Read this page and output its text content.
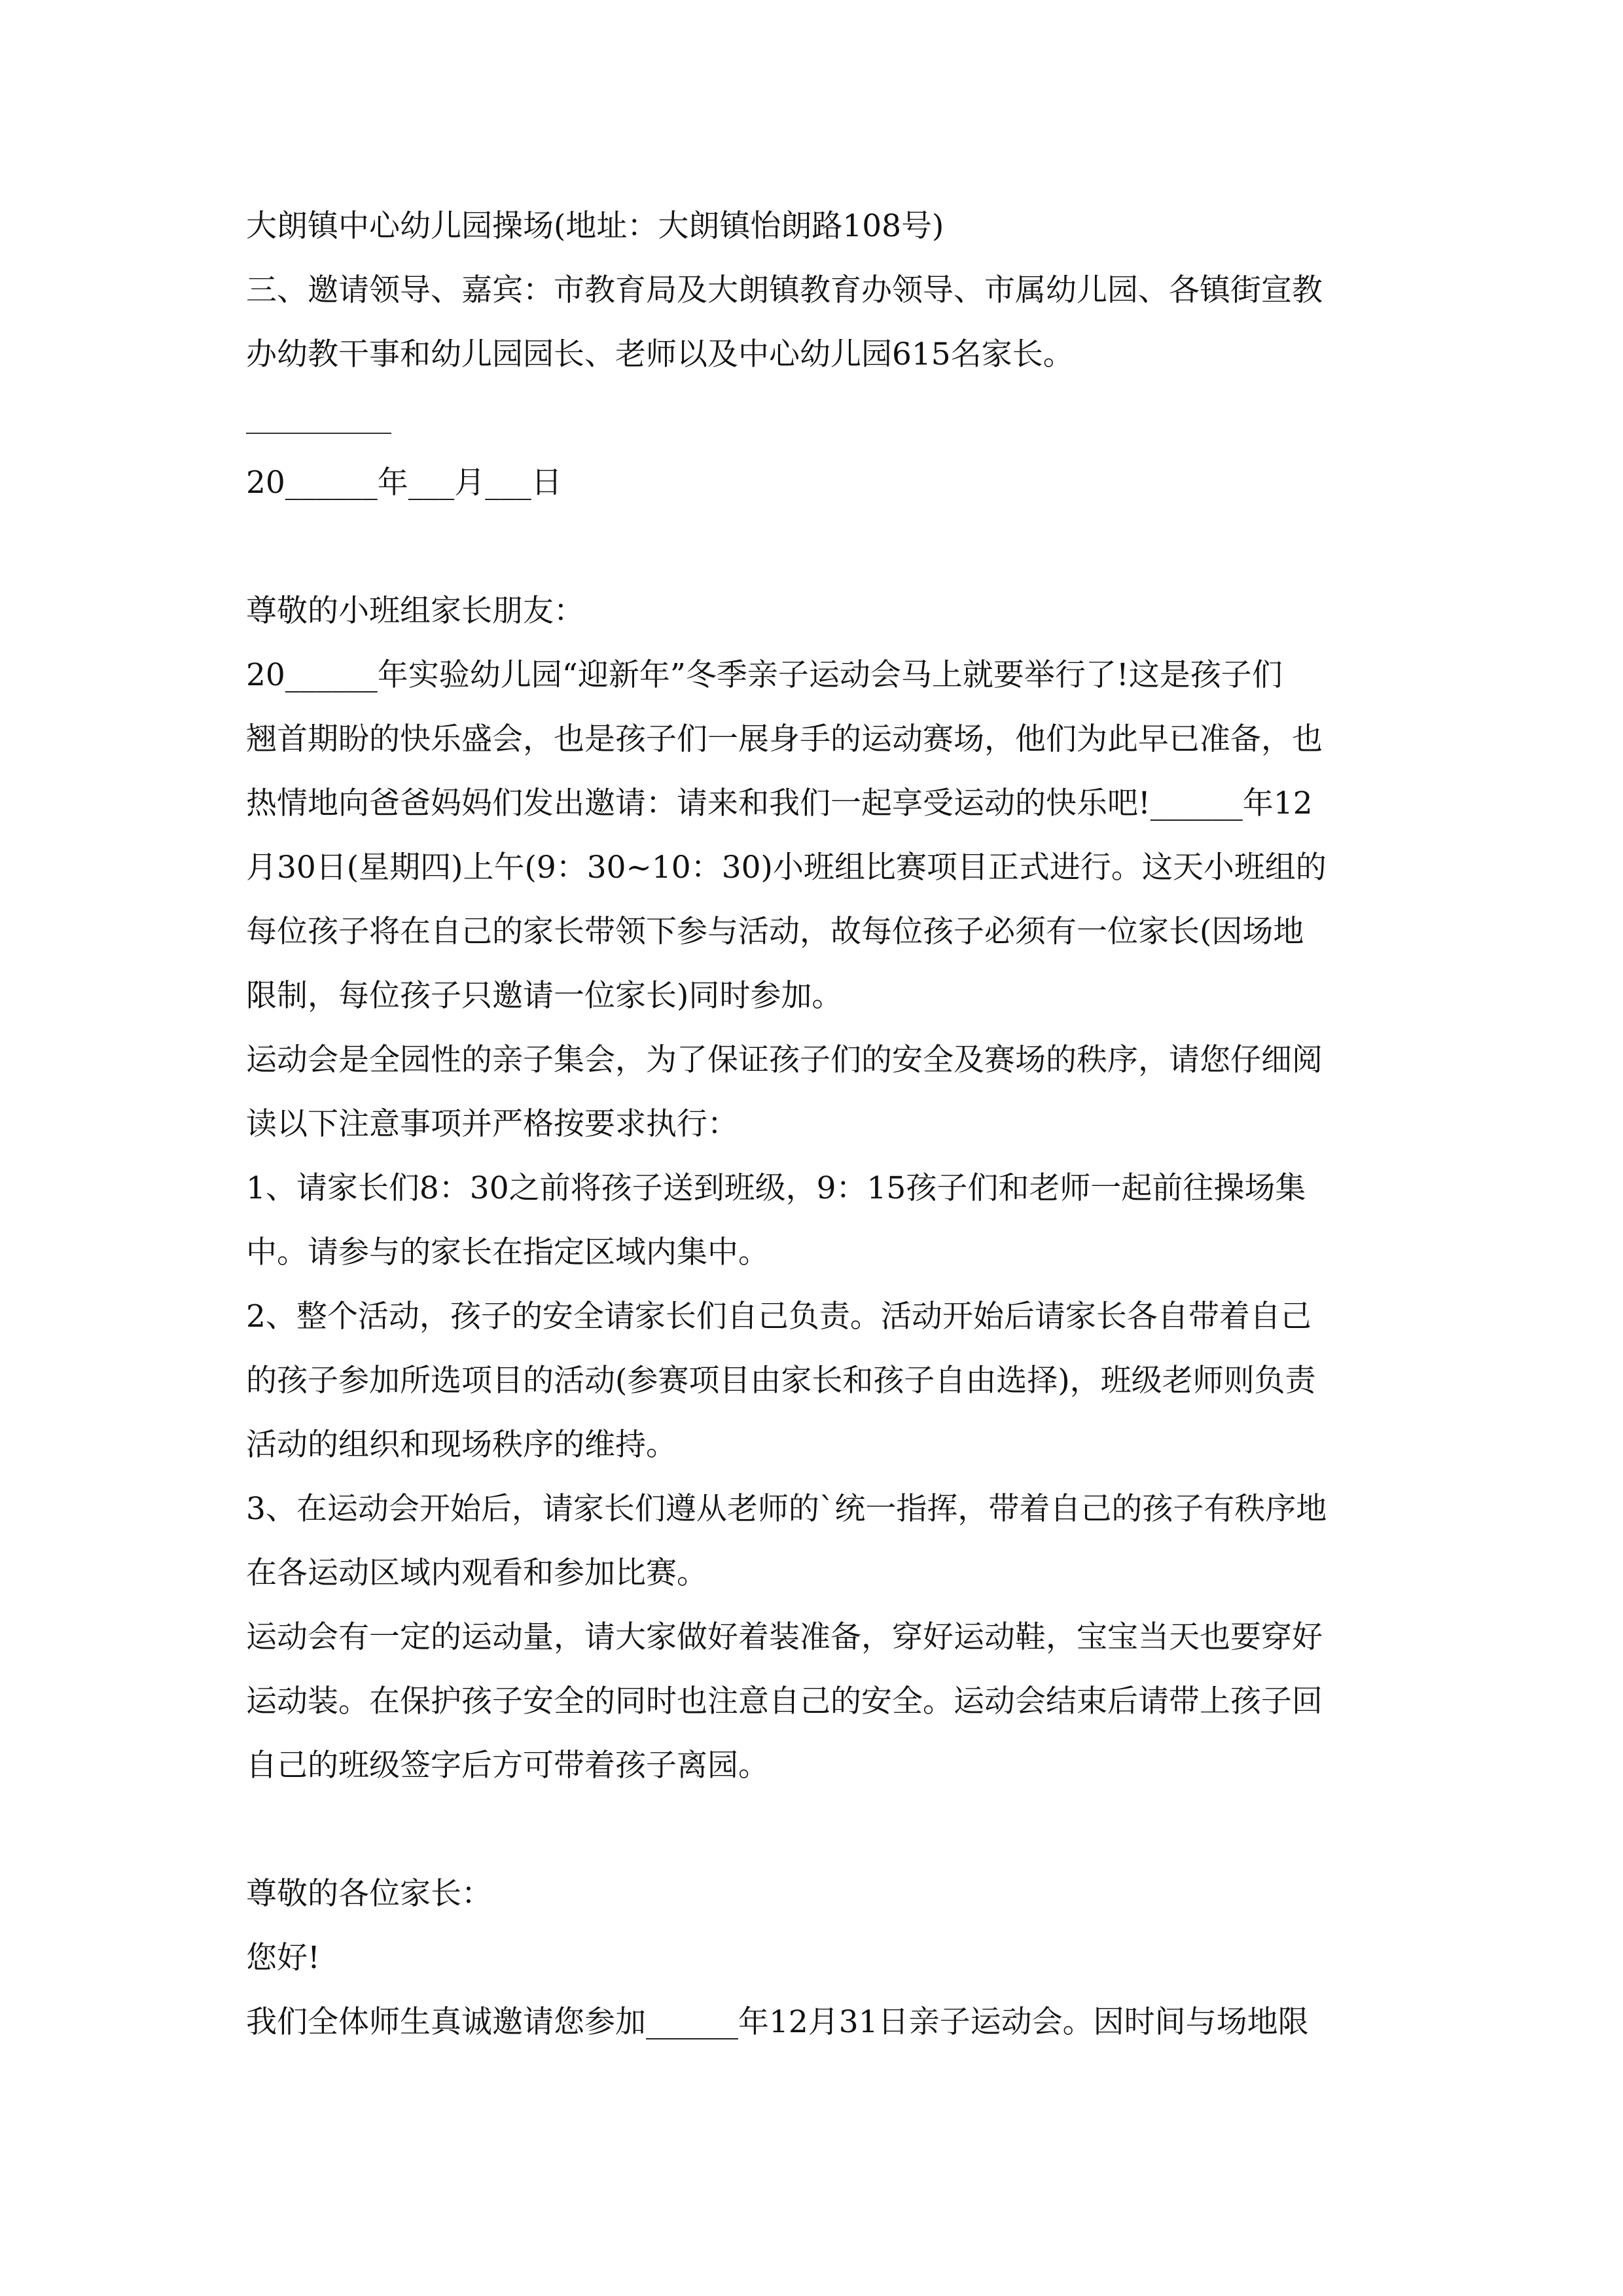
大朗镇中心幼儿园操场(地址：大朗镇怡朗路108号)
三、邀请领导、嘉宾：市教育局及大朗镇教育办领导、市属幼儿园、各镇街宣教
办幼教干事和幼儿园园长、老师以及中心幼儿园615名家长。
20______年___月___日
尊敬的小班组家长朋友：
20______年实验幼儿园“迎新年”冬季亲子运动会马上就要举行了!这是孩子们
翘首期盼的快乐盛会，也是孩子们一展身手的运动赛场，他们为此早已准备，也
热情地向爸爸妈妈们发出邀请：请来和我们一起享受运动的快乐吧!______年12
月30日(星期四)上午(9：30~10：30)小班组比赛项目正式进行。这天小班组的
每位孩子将在自己的家长带领下参与活动，故每位孩子必须有一位家长(因场地
限制，每位孩子只邀请一位家长)同时参加。
运动会是全园性的亲子集会，为了保证孩子们的安全及赛场的秩序，请您仔细阅
读以下注意事项并严格按要求执行：
1、请家长们8：30之前将孩子送到班级，9：15孩子们和老师一起前往操场集
中。请参与的家长在指定区域内集中。
2、整个活动，孩子的安全请家长们自己负责。活动开始后请家长各自带着自己
的孩子参加所选项目的活动(参赛项目由家长和孩子自由选择)，班级老师则负责
活动的组织和现场秩序的维持。
3、在运动会开始后，请家长们遵从老师的`统一指挥，带着自己的孩子有秩序地
在各运动区域内观看和参加比赛。
运动会有一定的运动量，请大家做好着装准备，穿好运动鞋，宝宝当天也要穿好
运动装。在保护孩子安全的同时也注意自己的安全。运动会结束后请带上孩子回
自己的班级签字后方可带着孩子离园。
尊敬的各位家长：
您好!
我们全体师生真诚邀请您参加______年12月31日亲子运动会。因时间与场地限
